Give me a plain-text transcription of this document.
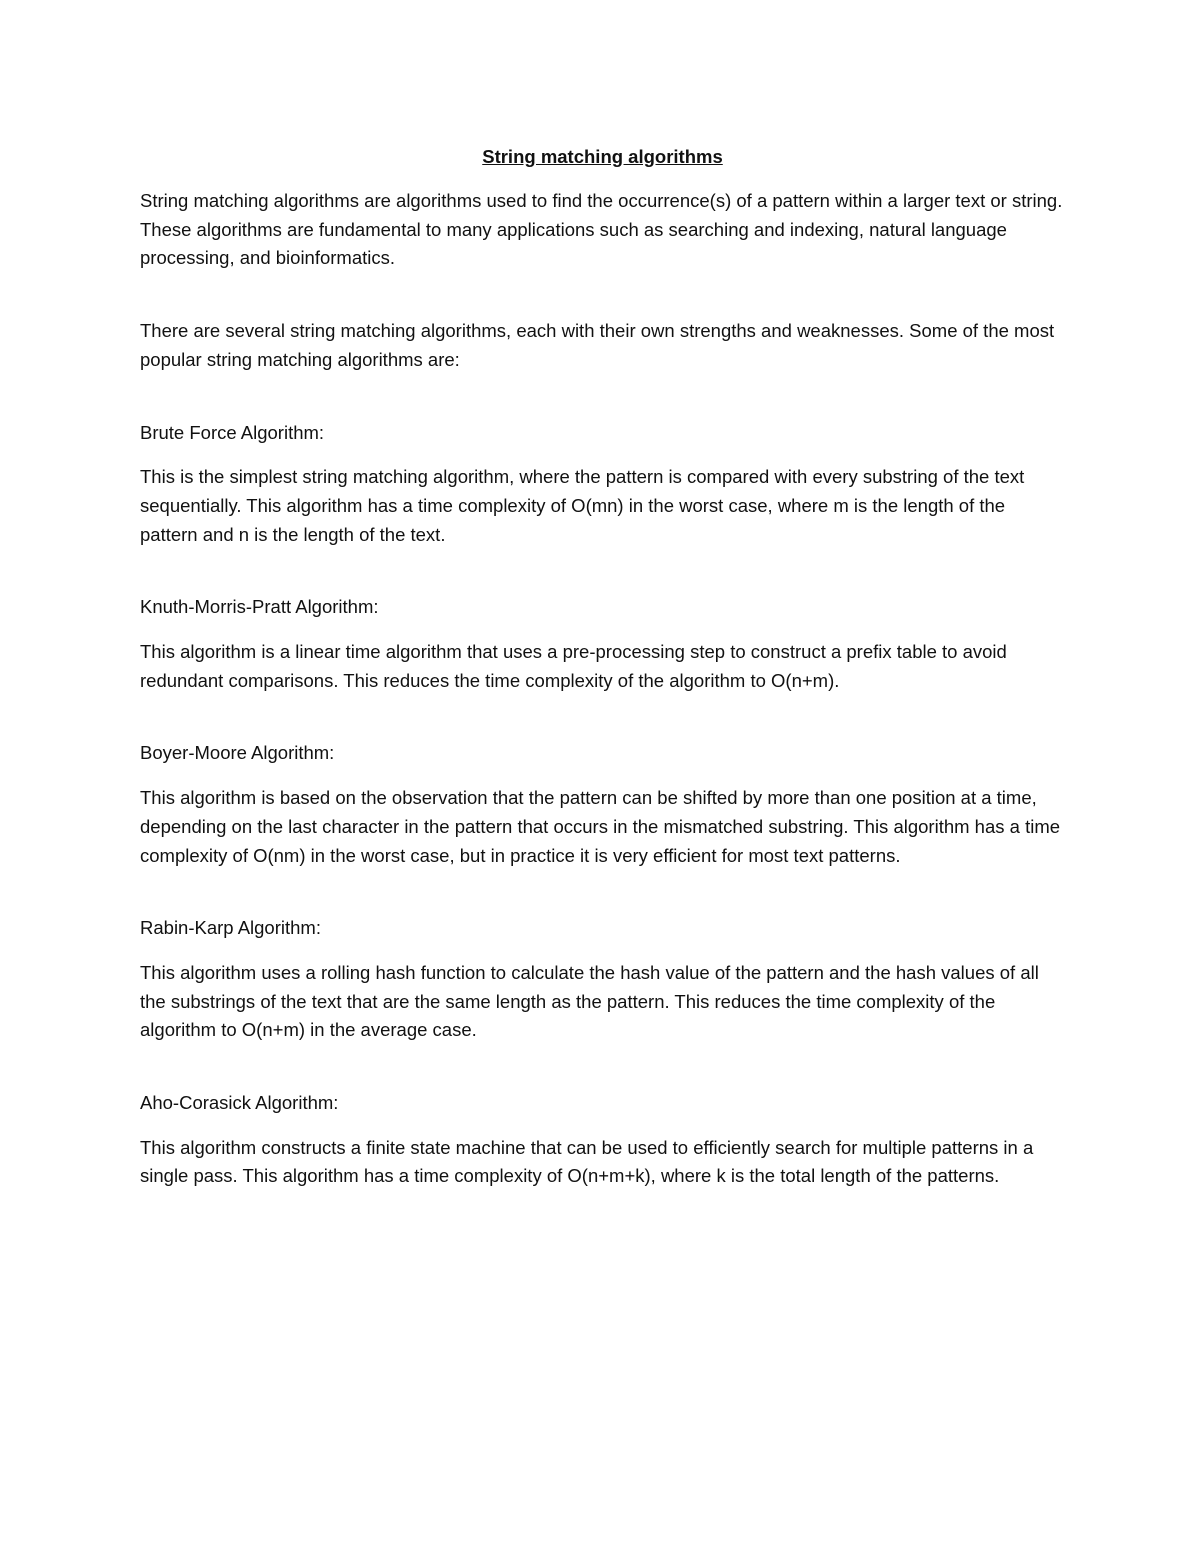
String matching algorithms

String matching algorithms are algorithms used to find the occurrence(s) of a pattern within a larger text or string. These algorithms are fundamental to many applications such as searching and indexing, natural language processing, and bioinformatics.

There are several string matching algorithms, each with their own strengths and weaknesses. Some of the most popular string matching algorithms are:

Brute Force Algorithm:

This is the simplest string matching algorithm, where the pattern is compared with every substring of the text sequentially. This algorithm has a time complexity of O(mn) in the worst case, where m is the length of the pattern and n is the length of the text.

Knuth-Morris-Pratt Algorithm:

This algorithm is a linear time algorithm that uses a pre-processing step to construct a prefix table to avoid redundant comparisons. This reduces the time complexity of the algorithm to O(n+m).

Boyer-Moore Algorithm:

This algorithm is based on the observation that the pattern can be shifted by more than one position at a time, depending on the last character in the pattern that occurs in the mismatched substring. This algorithm has a time complexity of O(nm) in the worst case, but in practice it is very efficient for most text patterns.

Rabin-Karp Algorithm:

This algorithm uses a rolling hash function to calculate the hash value of the pattern and the hash values of all the substrings of the text that are the same length as the pattern. This reduces the time complexity of the algorithm to O(n+m) in the average case.

Aho-Corasick Algorithm:

This algorithm constructs a finite state machine that can be used to efficiently search for multiple patterns in a single pass. This algorithm has a time complexity of O(n+m+k), where k is the total length of the patterns.
